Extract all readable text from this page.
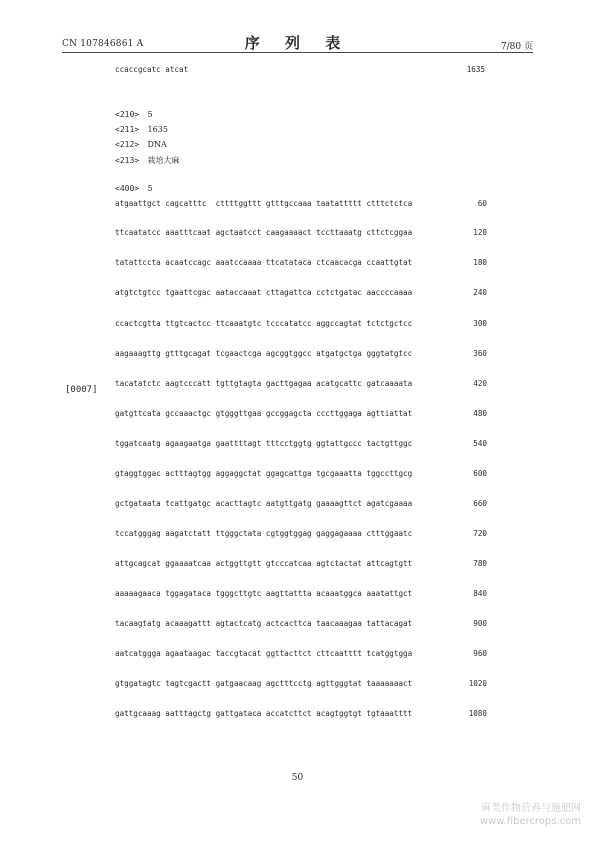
CN 107846861 A	序 列 表	7/80 页
ccaccgcatc atcat	1635
<210> 5
<211> 1635
<212> DNA
<213> 栽培大麻
<400> 5
[0007]
atgaattgct cagcatttc  cttttggttt gtttgccaaa taatattttt ctttctctca	60
ttcaatatcc aaatttcaat agctaatcct caagaaaact tccttaaatg cttctcggaa	120
tatattccta acaatccagc aaatccaaaa ttcatataca ctcaacacga ccaattgtat	180
atgtctgtcc tgaattcgac aataccaaat cttagattca cctctgatac aaccccaaaa	240
ccactcgtta ttgtcactcc ttcaaatgtc tcccatatcc aggccagtat tctctgctcc	300
aagaaagttg gtttgcagat tcgaactcga agcggtggcc atgatgctga gggtatgtcc	360
tacatatctc aagtcccatt tgttgtagta gacttgagaa acatgcattc gatcaaaata	420
gatgttcata gccaaactgc gtgggttgaa gccggagcta cccttggaga agttiattat	480
tggatcaatg agaagaatga gaattttagt tttcctggtg ggtattgccc tactgttggc	540
gtaggtggac actttagtgg aggaggctat ggagcattga tgcgaaatta tggccttgcg	600
gctgataata tcattgatgc acacttagtc aatgttgatg gaaaagttct agatcgaaaa	660
tccatgggag aagatctatt ttgggctata cgtggtggag gaggagaaaa ctttggaatc	720
attgcagcat ggaaaatcaa actggttgtt gtcccatcaa agtctactat attcagtgtt	780
aaaaagaaca tggagataca tgggcttgtc aagttattta acaaatggca aaatattgct	840
tacaagtatg acaaagattt agtactcatg actcacttca taacaaagaa tattacagat	900
aatcatggga agaataagac taccgtacat ggttacttct cttcaatttt tcatggtgga	960
gtggatagtc tagtcgactt gatgaacaag agctttcctg agttgggtat taaaaaaact	1020
gattgcaaag aatttagctg gattgataca accatcttct acagtggtgt tgtaaatttt	1080
50
麻类作物营养与施肥网
www.fibercrops.com
